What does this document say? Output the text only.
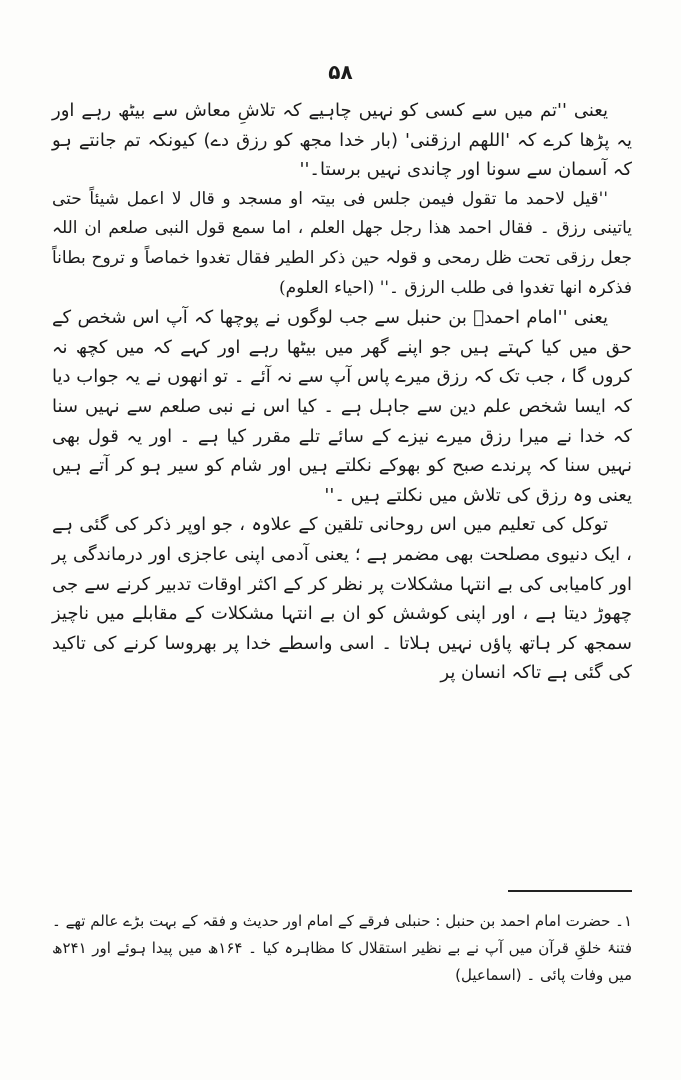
۵۸

یعنی ''تم میں سے کسی کو نہیں چاہیے کہ تلاشِ معاش سے بیٹھ رہے اور یہ پڑھا کرے کہ 'اللھم ارزقنی' (بار خدا مجھ کو رزق دے) کیونکہ تم جانتے ہو کہ آسمان سے سونا اور چاندی نہیں برستا۔''

''قیل لاحمد ما تقول فیمن جلس فی بیتہ او مسجد و قال لا اعمل شیئاً حتی یاتینی رزق ۔ فقال احمد ھذا رجل جھل العلم ، اما سمع قول النبی صلعم ان اللہ جعل رزقی تحت ظل رمحی و قولہ حین ذکر الطیر فقال تغدوا خماصاً و تروح بطاناً فذکرہ انھا تغدوا فی طلب الرزق ۔'' (احیاء العلوم)

یعنی ''امام احمدؒ بن حنبل سے جب لوگوں نے پوچھا کہ آپ اس شخص کے حق میں کیا کہتے ہیں جو اپنے گھر میں بیٹھا رہے اور کہے کہ میں کچھ نہ کروں گا ، جب تک کہ رزق میرے پاس آپ سے نہ آئے ۔ تو انھوں نے یہ جواب دیا کہ ایسا شخص علم دین سے جاہل ہے ۔ کیا اس نے نبی صلعم سے نہیں سنا کہ خدا نے میرا رزق میرے نیزے کے سائے تلے مقرر کیا ہے ۔ اور یہ قول بھی نہیں سنا کہ پرندے صبح کو بھوکے نکلتے ہیں اور شام کو سیر ہو کر آتے ہیں یعنی وہ رزق کی تلاش میں نکلتے ہیں ۔''

توکل کی تعلیم میں اس روحانی تلقین کے علاوہ ، جو اوپر ذکر کی گئی ہے ، ایک دنیوی مصلحت بھی مضمر ہے ؛ یعنی آدمی اپنی عاجزی اور درماندگی پر اور کامیابی کی بے انتہا مشکلات پر نظر کر کے اکثر اوقات تدبیر کرنے سے جی چھوڑ دیتا ہے ، اور اپنی کوشش کو ان بے انتہا مشکلات کے مقابلے میں ناچیز سمجھ کر ہاتھ پاؤں نہیں ہلاتا ۔ اسی واسطے خدا پر بھروسا کرنے کی تاکید کی گئی ہے تاکہ انسان پر

۱۔ حضرت امام احمد بن حنبل : حنبلی فرقے کے امام اور حدیث و فقہ کے بہت بڑے عالم تھے ۔ فتنۂ خلقِ قرآن میں آپ نے بے نظیر استقلال کا مظاہرہ کیا ۔ ۱۶۴ھ میں پیدا ہوئے اور ۲۴۱ھ میں وفات پائی ۔ (اسماعیل)
